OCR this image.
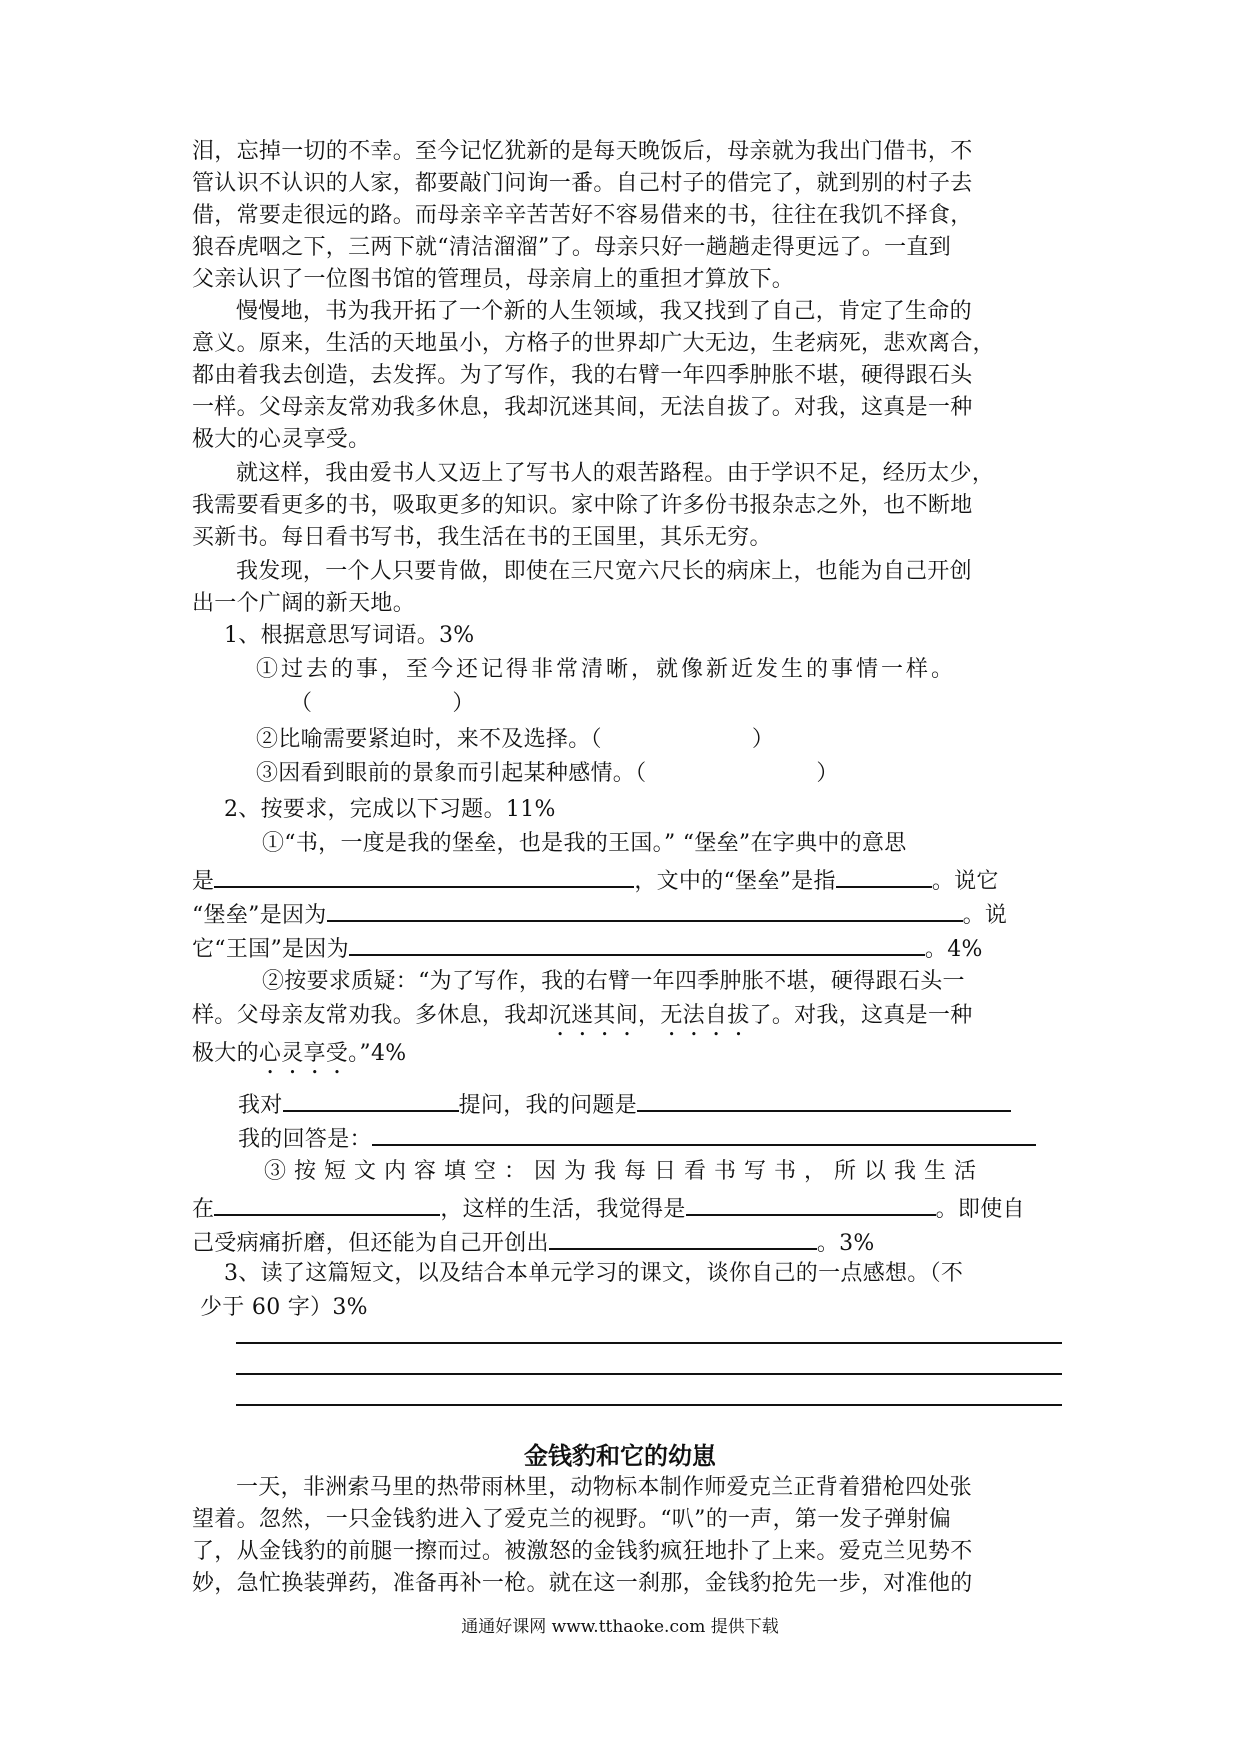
泪，忘掉一切的不幸。至今记忆犹新的是每天晚饭后，母亲就为我出门借书，不
管认识不认识的人家，都要敲门问询一番。自己村子的借完了，就到别的村子去
借，常要走很远的路。而母亲辛辛苦苦好不容易借来的书，往往在我饥不择食，
狼吞虎咽之下，三两下就“清洁溜溜”了。母亲只好一趟趟走得更远了。一直到
父亲认识了一位图书馆的管理员，母亲肩上的重担才算放下。
慢慢地，书为我开拓了一个新的人生领域，我又找到了自己，肯定了生命的
意义。原来，生活的天地虽小，方格子的世界却广大无边，生老病死，悲欢离合，
都由着我去创造，去发挥。为了写作，我的右臂一年四季肿胀不堪，硬得跟石头
一样。父母亲友常劝我多休息，我却沉迷其间，无法自拔了。对我，这真是一种
极大的心灵享受。
就这样，我由爱书人又迈上了写书人的艰苦路程。由于学识不足，经历太少，
我需要看更多的书，吸取更多的知识。家中除了许多份书报杂志之外，也不断地
买新书。每日看书写书，我生活在书的王国里，其乐无穷。
我发现，一个人只要肯做，即使在三尺宽六尺长的病床上，也能为自己开创
出一个广阔的新天地。
1、根据意思写词语。3%
①过去的事，至今还记得非常清晰，就像新近发生的事情一样。
（	）
②比喻需要紧迫时，来不及选择。（	）
③因看到眼前的景象而引起某种感情。（	）
2、按要求，完成以下习题。11%
①“书，一度是我的堡垒，也是我的王国。” “堡垒”在字典中的意思
是	，文中的“堡垒”是指	。说它
“堡垒”是因为	。说
它“王国”是因为	。4%
②按要求质疑：“为了写作，我的右臂一年四季肿胀不堪，硬得跟石头一
样。父母亲友常劝我。多休息，我却沉迷其间，无法自拔了。对我，这真是一种
极大的心灵享受。”4%
我对	提问，我的问题是
我的回答是：
③按短文内容填空：因为我每日看书写书，所以我生活
在	，这样的生活，我觉得是	。即使自
己受病痛折磨，但还能为自己开创出	。3%
3、读了这篇短文，以及结合本单元学习的课文，谈你自己的一点感想。（不
少于 60 字）3%
金钱豹和它的幼崽
一天，非洲索马里的热带雨林里，动物标本制作师爱克兰正背着猎枪四处张
望着。忽然，一只金钱豹进入了爱克兰的视野。“叭”的一声，第一发子弹射偏
了，从金钱豹的前腿一擦而过。被激怒的金钱豹疯狂地扑了上来。爱克兰见势不
妙，急忙换装弹药，准备再补一枪。就在这一刹那，金钱豹抢先一步，对准他的
通通好课网 www.tthaoke.com 提供下载
